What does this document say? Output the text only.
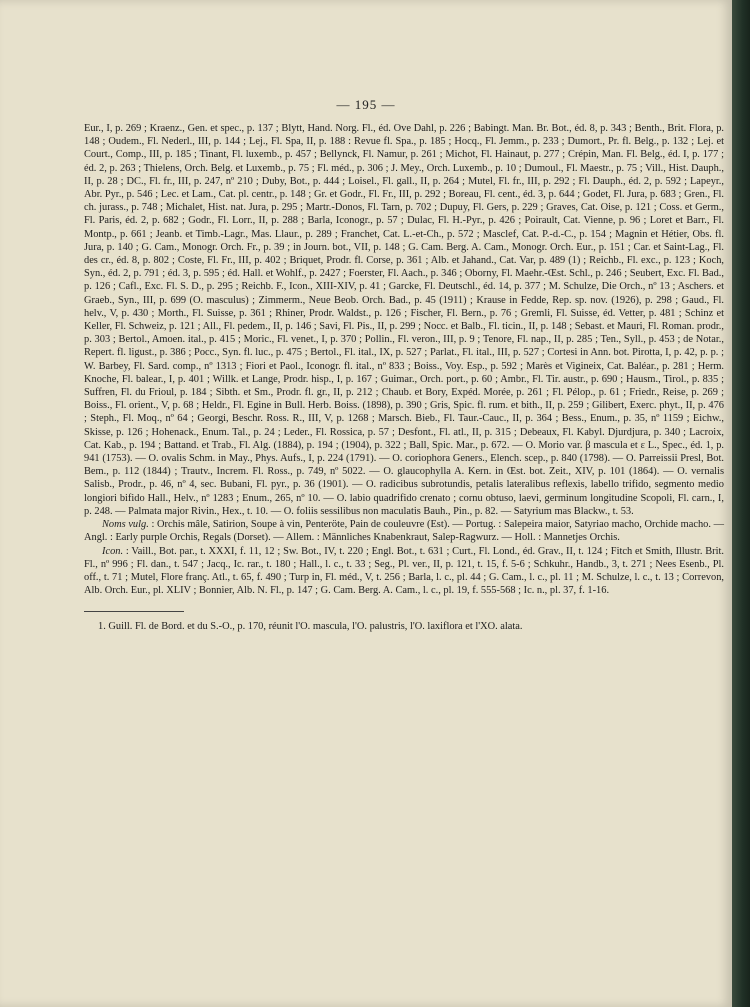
— 195 —

Eur., I, p. 269 ; Kraenz., Gen. et spec., p. 137 ; Blytt, Hand. Norg. Fl., éd. Ove Dahl, p. 226 ; Babingt. Man. Br. Bot., éd. 8, p. 343 ; Benth., Brit. Flora, p. 148 ; Oudem., Fl. Nederl., III, p. 144 ; Lej., Fl. Spa, II, p. 188 : Revue fl. Spa., p. 185 ; Hocq., Fl. Jemm., p. 233 ; Dumort., Pr. fl. Belg., p. 132 ; Lej. et Court., Comp., III, p. 185 ; Tinant, Fl. luxemb., p. 457 ; Bellynck, Fl. Namur, p. 261 ; Michot, Fl. Hainaut, p. 277 ; Crépin, Man. Fl. Belg., éd. I, p. 177 ; éd. 2, p. 263 ; Thielens, Orch. Belg. et Luxemb., p. 75 ; Fl. méd., p. 306 ; J. Mey., Orch. Luxemb., p. 10 ; Dumoul., Fl. Maestr., p. 75 ; Vill., Hist. Dauph., II, p. 28 ; DC., Fl. fr., III, p. 247, nº 210 ; Duby, Bot., p. 444 ; Loisel., Fl. gall., II, p. 264 ; Mutel, Fl. fr., III, p. 292 ; Fl. Dauph., éd. 2, p. 592 ; Lapeyr., Abr. Pyr., p. 546 ; Lec. et Lam., Cat. pl. centr., p. 148 ; Gr. et Godr., Fl. Fr., III, p. 292 ; Boreau, Fl. cent., éd. 3, p. 644 ; Godet, Fl. Jura, p. 683 ; Gren., Fl. ch. jurass., p. 748 ; Michalet, Hist. nat. Jura, p. 295 ; Martr.-Donos, Fl. Tarn, p. 702 ; Dupuy, Fl. Gers, p. 229 ; Graves, Cat. Oise, p. 121 ; Coss. et Germ., Fl. Paris, éd. 2, p. 682 ; Godr., Fl. Lorr., II, p. 288 ; Barla, Iconogr., p. 57 ; Dulac, Fl. H.-Pyr., p. 426 ; Poirault, Cat. Vienne, p. 96 ; Loret et Barr., Fl. Montp., p. 661 ; Jeanb. et Timb.-Lagr., Mas. Llaur., p. 289 ; Franchet, Cat. L.-et-Ch., p. 572 ; Masclef, Cat. P.-d.-C., p. 154 ; Magnin et Hétier, Obs. fl. Jura, p. 140 ; G. Cam., Monogr. Orch. Fr., p. 39 ; in Journ. bot., VII, p. 148 ; G. Cam. Berg. A. Cam., Monogr. Orch. Eur., p. 151 ; Car. et Saint-Lag., Fl. des cr., éd. 8, p. 802 ; Coste, Fl. Fr., III, p. 402 ; Briquet, Prodr. fl. Corse, p. 361 ; Alb. et Jahand., Cat. Var, p. 489 (1) ; Reichb., Fl. exc., p. 123 ; Koch, Syn., éd. 2, p. 791 ; éd. 3, p. 595 ; éd. Hall. et Wohlf., p. 2427 ; Foerster, Fl. Aach., p. 346 ; Oborny, Fl. Maehr.-Œst. Schl., p. 246 ; Seubert, Exc. Fl. Bad., p. 126 ; Cafl., Exc. Fl. S. D., p. 295 ; Reichb. F., Icon., XIII-XIV, p. 41 ; Garcke, Fl. Deutschl., éd. 14, p. 377 ; M. Schulze, Die Orch., nº 13 ; Aschers. et Graeb., Syn., III, p. 699 (O. masculus) ; Zimmerm., Neue Beob. Orch. Bad., p. 45 (1911) ; Krause in Fedde, Rep. sp. nov. (1926), p. 298 ; Gaud., Fl. helv., V, p. 430 ; Morth., Fl. Suisse, p. 361 ; Rhiner, Prodr. Waldst., p. 126 ; Fischer, Fl. Bern., p. 76 ; Gremli, Fl. Suisse, éd. Vetter, p. 481 ; Schinz et Keller, Fl. Schweiz, p. 121 ; All., Fl. pedem., II, p. 146 ; Savi, Fl. Pis., II, p. 299 ; Nocc. et Balb., Fl. ticin., II, p. 148 ; Sebast. et Mauri, Fl. Roman. prodr., p. 303 ; Bertol., Amoen. ital., p. 415 ; Moric., Fl. venet., I, p. 370 ; Pollin., Fl. veron., III, p. 9 ; Tenore, Fl. nap., II, p. 285 ; Ten., Syll., p. 453 ; de Notar., Repert. fl. ligust., p. 386 ; Pocc., Syn. fl. luc., p. 475 ; Bertol., Fl. ital., IX, p. 527 ; Parlat., Fl. ital., III, p. 527 ; Cortesi in Ann. bot. Pirotta, I, p. 42, p. p. ; W. Barbey, Fl. Sard. comp., nº 1313 ; Fiori et Paol., Iconogr. fl. ital., nº 833 ; Boiss., Voy. Esp., p. 592 ; Marès et Vigineix, Cat. Baléar., p. 281 ; Herm. Knoche, Fl. balear., I, p. 401 ; Willk. et Lange, Prodr. hisp., I, p. 167 ; Guimar., Orch. port., p. 60 ; Ambr., Fl. Tir. austr., p. 690 ; Hausm., Tirol., p. 835 ; Suffren, Fl. du Frioul, p. 184 ; Sibth. et Sm., Prodr. fl. gr., II, p. 212 ; Chaub. et Bory, Expéd. Morée, p. 261 ; Fl. Pélop., p. 61 ; Friedr., Reise, p. 269 ; Boiss., Fl. orient., V, p. 68 ; Heldr., Fl. Egine in Bull. Herb. Boiss. (1898), p. 390 ; Gris, Spic. fl. rum. et bith., II, p. 259 ; Gilibert, Exerc. phyt., II, p. 476 ; Steph., Fl. Moq., nº 64 ; Georgi, Beschr. Ross. R., III, V, p. 1268 ; Marsch. Bieb., Fl. Taur.-Cauc., II, p. 364 ; Bess., Enum., p. 35, nº 1159 ; Eichw., Skisse, p. 126 ; Hohenack., Enum. Tal., p. 24 ; Leder., Fl. Rossica, p. 57 ; Desfont., Fl. atl., II, p. 315 ; Debeaux, Fl. Kabyl. Djurdjura, p. 340 ; Lacroix, Cat. Kab., p. 194 ; Battand. et Trab., Fl. Alg. (1884), p. 194 ; (1904), p. 322 ; Ball, Spic. Mar., p. 672. — O. Morio var. β mascula et ε L., Spec., éd. 1, p. 941 (1753). — O. ovalis Schm. in May., Phys. Aufs., I, p. 224 (1791). — O. coriophora Geners., Elench. scep., p. 840 (1798). — O. Parreissii Presl, Bot. Bem., p. 112 (1844) ; Trautv., Increm. Fl. Ross., p. 749, nº 5022. — O. glaucophylla A. Kern. in Œst. bot. Zeit., XIV, p. 101 (1864). — O. vernalis Salisb., Prodr., p. 46, nº 4, sec. Bubani, Fl. pyr., p. 36 (1901). — O. radicibus subrotundis, petalis lateralibus reflexis, labello trifido, segmento medio longiori bifido Hall., Helv., nº 1283 ; Enum., 265, nº 10. — O. labio quadrifido crenato ; cornu obtuso, laevi, germinum longitudine Scopoli, Fl. carn., I, p. 248. — Palmata major Rivin., Hex., t. 10. — O. foliis sessilibus non maculatis Bauh., Pin., p. 82. — Satyrium mas Blackw., t. 53.

Noms vulg. : Orchis mâle, Satirion, Soupe à vin, Penteröte, Pain de couleuvre (Est). — Portug. : Salepeira maior, Satyriao macho, Orchide macho. — Angl. : Early purple Orchis, Regals (Dorset). — Allem. : Männliches Knabenkraut, Salep-Ragwurz. — Holl. : Mannetjes Orchis.

Icon. : Vaill., Bot. par., t. XXXI, f. 11, 12 ; Sw. Bot., IV, t. 220 ; Engl. Bot., t. 631 ; Curt., Fl. Lond., éd. Grav., II, t. 124 ; Fitch et Smith, Illustr. Brit. Fl., nº 996 ; Fl. dan., t. 547 ; Jacq., Ic. rar., t. 180 ; Hall., l. c., t. 33 ; Seg., Pl. ver., II, p. 121, t. 15, f. 5-6 ; Schkuhr., Handb., 3, t. 271 ; Nees Esenb., Pl. off., t. 71 ; Mutel, Flore franç. Atl., t. 65, f. 490 ; Turp in, Fl. méd., V, t. 256 ; Barla, l. c., pl. 44 ; G. Cam., l. c., pl. 11 ; M. Schulze, l. c., t. 13 ; Correvon, Alb. Orch. Eur., pl. XLIV ; Bonnier, Alb. N. Fl., p. 147 ; G. Cam. Berg. A. Cam., l. c., pl. 19, f. 555-568 ; Ic. n., pl. 37, f. 1-16.

1. Guill. Fl. de Bord. et du S.-O., p. 170, réunit l'O. mascula, l'O. palustris, l'O. laxiflora et l'XO. alata.
